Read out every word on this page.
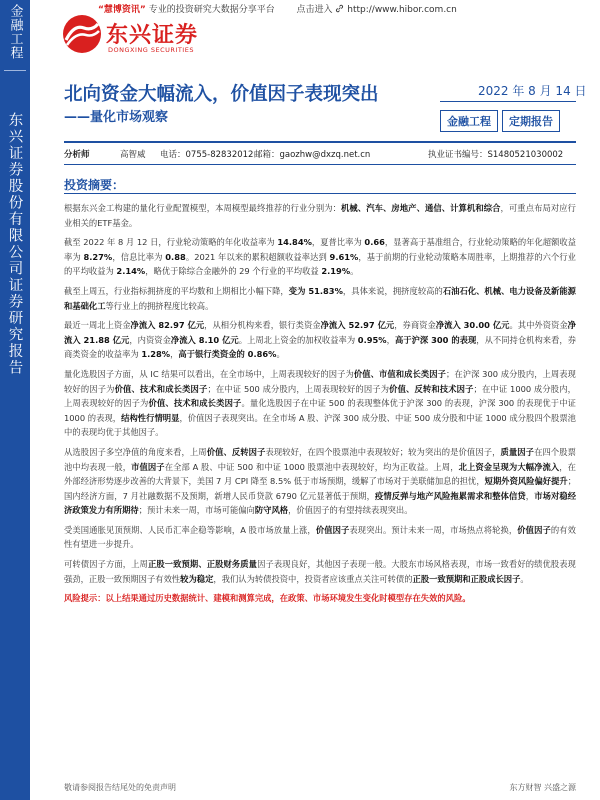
金融工程
东兴证券股份有限公司证券研究报告
“慧博资讯” 专业的投资研究大数据分享平台 点击进入 http://www.hibor.com.cn
东兴证券
DONGXING SECURITIES
北向资金大幅流入，价值因子表现突出
——量化市场观察
2022 年 8 月 14 日
金融工程	定期报告
分析师	高智威 电话：0755-82832012 邮箱：gaozhw@dxzq.net.cn	执业证书编号：S1480521030002
投资摘要：

根据东兴金工构建的量化行业配置模型，本周模型最终推荐的行业分别为：机械、汽车、房地产、通信、计算机和综合，可重点布局对应行业相关的ETF基金。

截至 2022 年 8 月 12 日，行业轮动策略的年化收益率为 14.84%，夏普比率为 0.66，显著高于基准组合，行业轮动策略的年化超额收益率为 8.27%，信息比率为 0.88。2021 年以来的累积超额收益率达到 9.61%，基于前期的行业轮动策略本周胜率，上期推荐的六个行业的平均收益为 2.14%，略优于除综合金融外的 29 个行业的平均收益 2.19%。

截至上周五，行业指标拥挤度的平均数和上期相比小幅下降，变为 51.83%，具体来说，拥挤度较高的石油石化、机械、电力设备及新能源和基础化工等行业上的拥挤程度比较高。

最近一周北上资金净流入 82.97 亿元，从相分机构来看，银行类资金净流入 52.97 亿元，券商资金净流入 30.00 亿元。其中外资资金净流入 21.88 亿元，内资资金净流入 8.10 亿元。上周北上资金的加权收益率为 0.95%，高于沪深 300 的表现，从不同持仓机构来看，券商类资金的收益率为 1.28%，高于银行类资金的 0.86%。

量化选股因子方面，从 IC 结果可以看出，在全市场中，上周表现较好的因子为价值、市值和成长类因子；在沪深 300 成分股内，上周表现较好的因子为价值、技术和成长类因子；在中证 500 成分股内，上周表现较好的因子为价值、反转和技术因子；在中证 1000 成分股内，上周表现较好的因子为价值、技术和成长类因子。量化选股因子在中证 500 的表现整体优于沪深 300 的表现，沪深 300 的表现优于中证 1000 的表现，结构性行情明显，价值因子表现突出。在全市场 A 股、沪深 300 成分股、中证 500 成分股和中证 1000 成分股四个股票池中的表现均优于其他因子。

从选股因子多空净值的角度来看，上周价值、反转因子表现较好，在四个股票池中表现较好；较为突出的是价值因子，质量因子在四个股票池中均表现一般，市值因子在全部 A 股、中证 500 和中证 1000 股票池中表现较好，均为正收益。上周，北上资金呈现为大幅净流入，在外部经济形势逐步改善的大背景下，美国 7 月 CPI 降至 8.5% 低于市场预期，缓解了市场对于美联储加息的担忧，短期外资风险偏好提升；国内经济方面，7 月社融数据不及预期，新增人民币贷款 6790 亿元显著低于预期，疫情反弹与地产风险拖累需求和整体信贷，市场对稳经济政策发力有所期待；预计未来一周，市场可能偏向防守风格，价值因子的有望持续表现突出。

受美国通胀见顶预期、人民币汇率企稳等影响，A 股市场放量上涨，价值因子表现突出。预计未来一周，市场热点将轮换，价值因子的有效性有望进一步提升。

可转债因子方面，上周正股一致预期、正股财务质量因子表现良好，其他因子表现一般。大股东市场风格表现，市场一致看好的绩优股表现强劲，正股一致预期因子有效性较为稳定，我们认为转债投资中，投资者应该重点关注可转债的正股一致预期和正股成长因子。

风险提示：以上结果通过历史数据统计、建模和测算完成，在政策、市场环境发生变化时模型存在失效的风险。

敬请参阅报告结尾处的免责声明	东方财智 兴盛之源
